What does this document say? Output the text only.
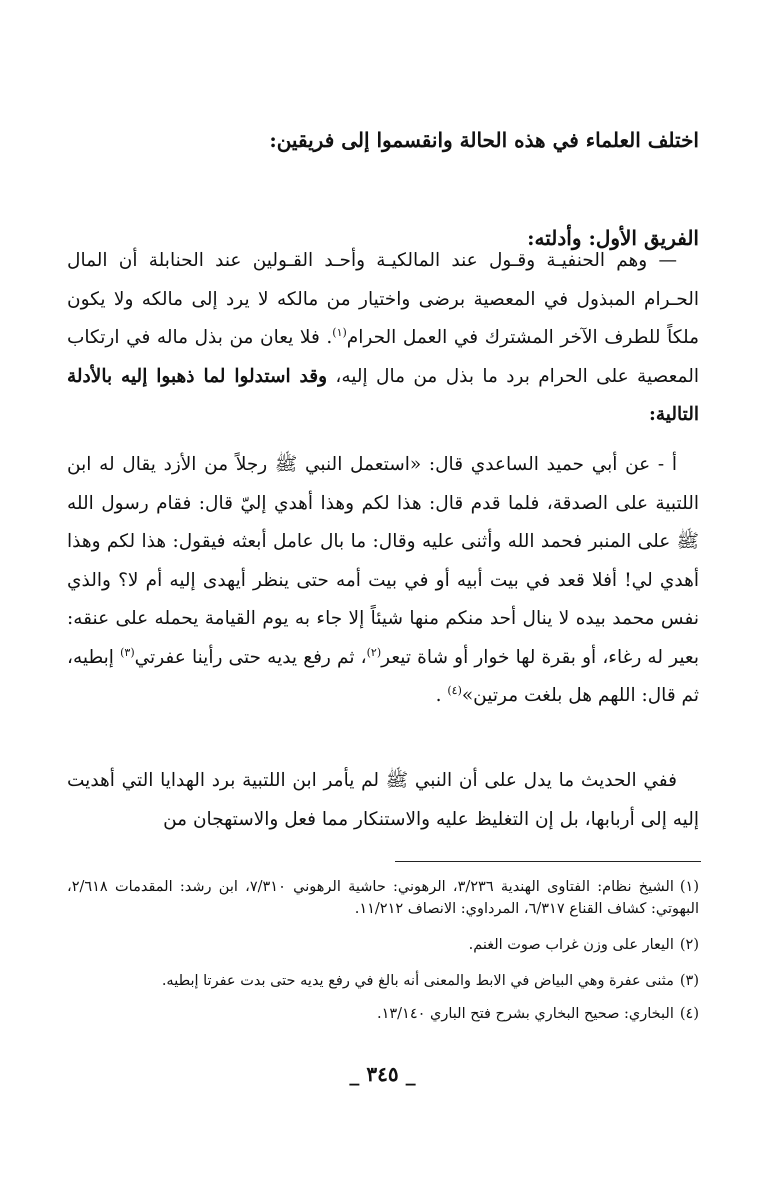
اختلف العلماء في هذه الحالة وانقسموا إلى فريقين:

الفريق الأول: وأدلته:

— وهم الحنفيـة وقـول عند المالكيـة وأحـد القـولين عند الحنابلة أن المال الحـرام المبذول في المعصية برضى واختيار من مالكه لا يرد إلى مالكه ولا يكون ملكاً للطرف الآخر المشترك في العمل الحرام$^{(١)}$. فلا يعان من بذل ماله في ارتكاب المعصية على الحرام برد ما بذل من مال إليه، وقد استدلوا لما ذهبوا إليه بالأدلة التالية:

أ - عن أبي حميد الساعدي قال: «استعمل النبي ﷺ رجلاً من الأزد يقال له ابن اللتبية على الصدقة، فلما قدم قال: هذا لكم وهذا أهدي إليّ قال: فقام رسول الله ﷺ على المنبر فحمد الله وأثنى عليه وقال: ما بال عامل أبعثه فيقول: هذا لكم وهذا أهدي لي! أفلا قعد في بيت أبيه أو في بيت أمه حتى ينظر أيهدى إليه أم لا؟ والذي نفس محمد بيده لا ينال أحد منكم منها شيئاً إلا جاء به يوم القيامة يحمله على عنقه: بعير له رغاء، أو بقرة لها خوار أو شاة تيعر$^{(٢)}$، ثم رفع يديه حتى رأينا عفرتي$^{(٣)}$ إبطيه، ثم قال: اللهم هل بلغت مرتين»$^{(٤)}$ .

ففي الحديث ما يدل على أن النبي ﷺ لم يأمر ابن اللتبية برد الهدايا التي أهديت إليه إلى أربابها، بل إن التغليظ عليه والاستنكار مما فعل والاستهجان من

(١)الشيخ نظام: الفتاوى الهندية ٣/٢٣٦، الرهوني: حاشية الرهوني ٧/٣١٠، ابن رشد: المقدمات ٢/٦١٨، البهوتي: كشاف القناع ٦/٣١٧، المرداوي: الانصاف ١١/٢١٢.

(٢)اليعار على وزن غراب صوت الغنم.

(٣)مثنى عفرة وهي البياض في الابط والمعنى أنه بالغ في رفع يديه حتى بدت عفرتا إبطيه.

(٤)البخاري: صحيح البخاري بشرح فتح الباري ١٣/١٤٠.

_ ٣٤٥ _
